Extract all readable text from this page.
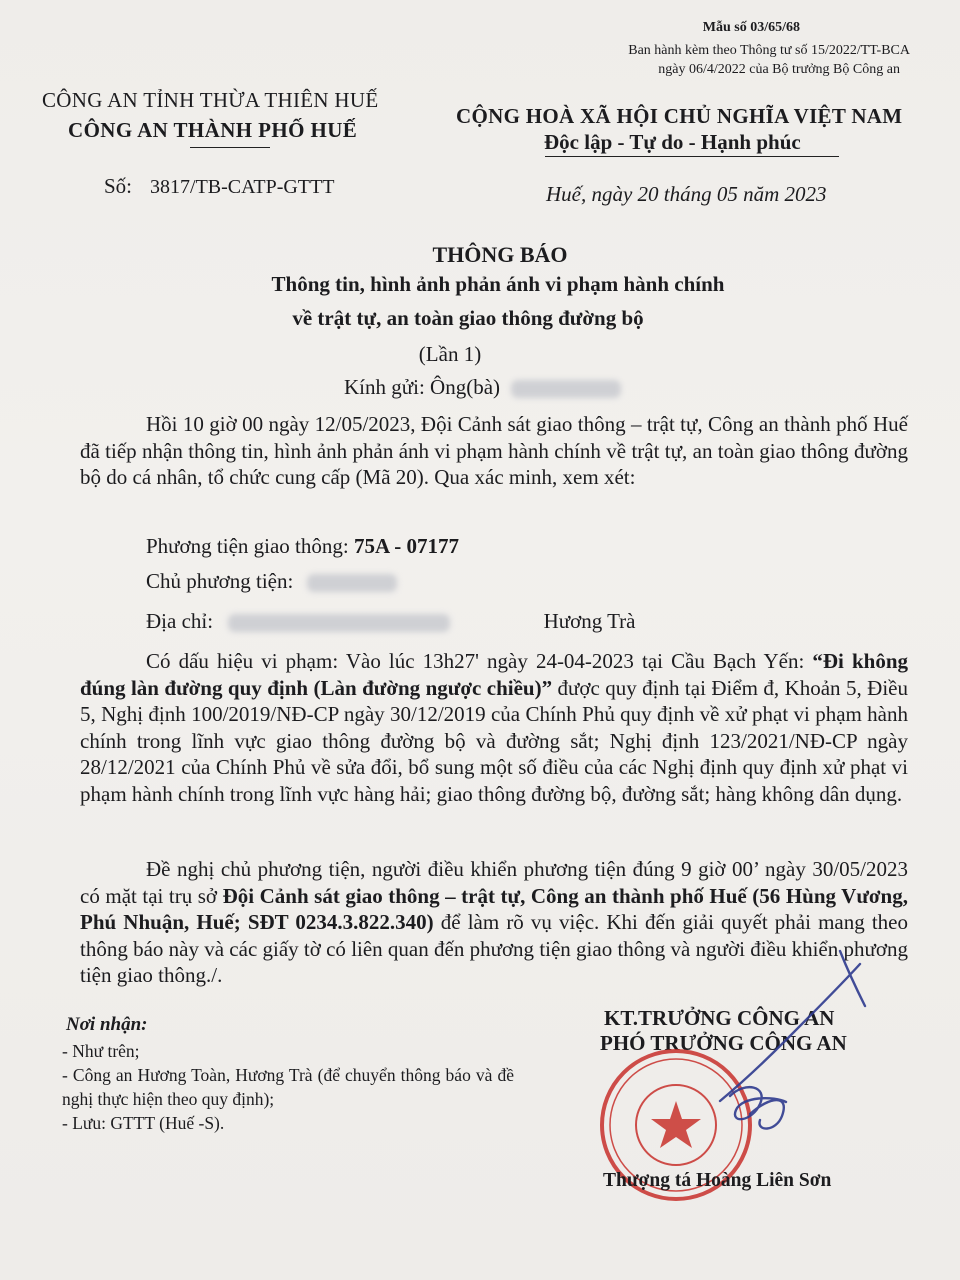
Mẫu số 03/65/68
Ban hành kèm theo Thông tư số 15/2022/TT-BCA
ngày 06/4/2022 của Bộ trưởng Bộ Công an
CÔNG AN TỈNH THỪA THIÊN HUẾ
CÔNG AN THÀNH PHỐ HUẾ
Số: 3817/TB-CATP-GTTT
CỘNG HOÀ XÃ HỘI CHỦ NGHĨA VIỆT NAM
Độc lập - Tự do - Hạnh phúc
Huế, ngày 20 tháng 05 năm 2023
THÔNG BÁO
Thông tin, hình ảnh phản ánh vi phạm hành chính
về trật tự, an toàn giao thông đường bộ
(Lần 1)
Kính gửi: Ông(bà)
Hồi 10 giờ 00 ngày 12/05/2023, Đội Cảnh sát giao thông – trật tự, Công an thành phố Huế đã tiếp nhận thông tin, hình ảnh phản ánh vi phạm hành chính về trật tự, an toàn giao thông đường bộ do cá nhân, tổ chức cung cấp (Mã 20). Qua xác minh, xem xét:
Phương tiện giao thông: 75A - 07177
Chủ phương tiện:
Địa chỉ:	Hương Trà
Có dấu hiệu vi phạm: Vào lúc 13h27' ngày 24-04-2023 tại Cầu Bạch Yến: “Đi không đúng làn đường quy định (Làn đường ngược chiều)” được quy định tại Điểm đ, Khoản 5, Điều 5, Nghị định 100/2019/NĐ-CP ngày 30/12/2019 của Chính Phủ quy định về xử phạt vi phạm hành chính trong lĩnh vực giao thông đường bộ và đường sắt; Nghị định 123/2021/NĐ-CP ngày 28/12/2021 của Chính Phủ về sửa đổi, bổ sung một số điều của các Nghị định quy định xử phạt vi phạm hành chính trong lĩnh vực hàng hải; giao thông đường bộ, đường sắt; hàng không dân dụng.
Đề nghị chủ phương tiện, người điều khiển phương tiện đúng 9 giờ 00’ ngày 30/05/2023 có mặt tại trụ sở Đội Cảnh sát giao thông – trật tự, Công an thành phố Huế (56 Hùng Vương, Phú Nhuận, Huế; SĐT 0234.3.822.340) để làm rõ vụ việc. Khi đến giải quyết phải mang theo thông báo này và các giấy tờ có liên quan đến phương tiện giao thông và người điều khiển phương tiện giao thông./.
Nơi nhận:
- Như trên;
- Công an Hương Toàn, Hương Trà (để chuyển thông báo và đề nghị thực hiện theo quy định);
- Lưu: GTTT (Huế -S).
KT.TRƯỞNG CÔNG AN
PHÓ TRƯỞNG CÔNG AN
Thượng tá Hoàng Liên Sơn
